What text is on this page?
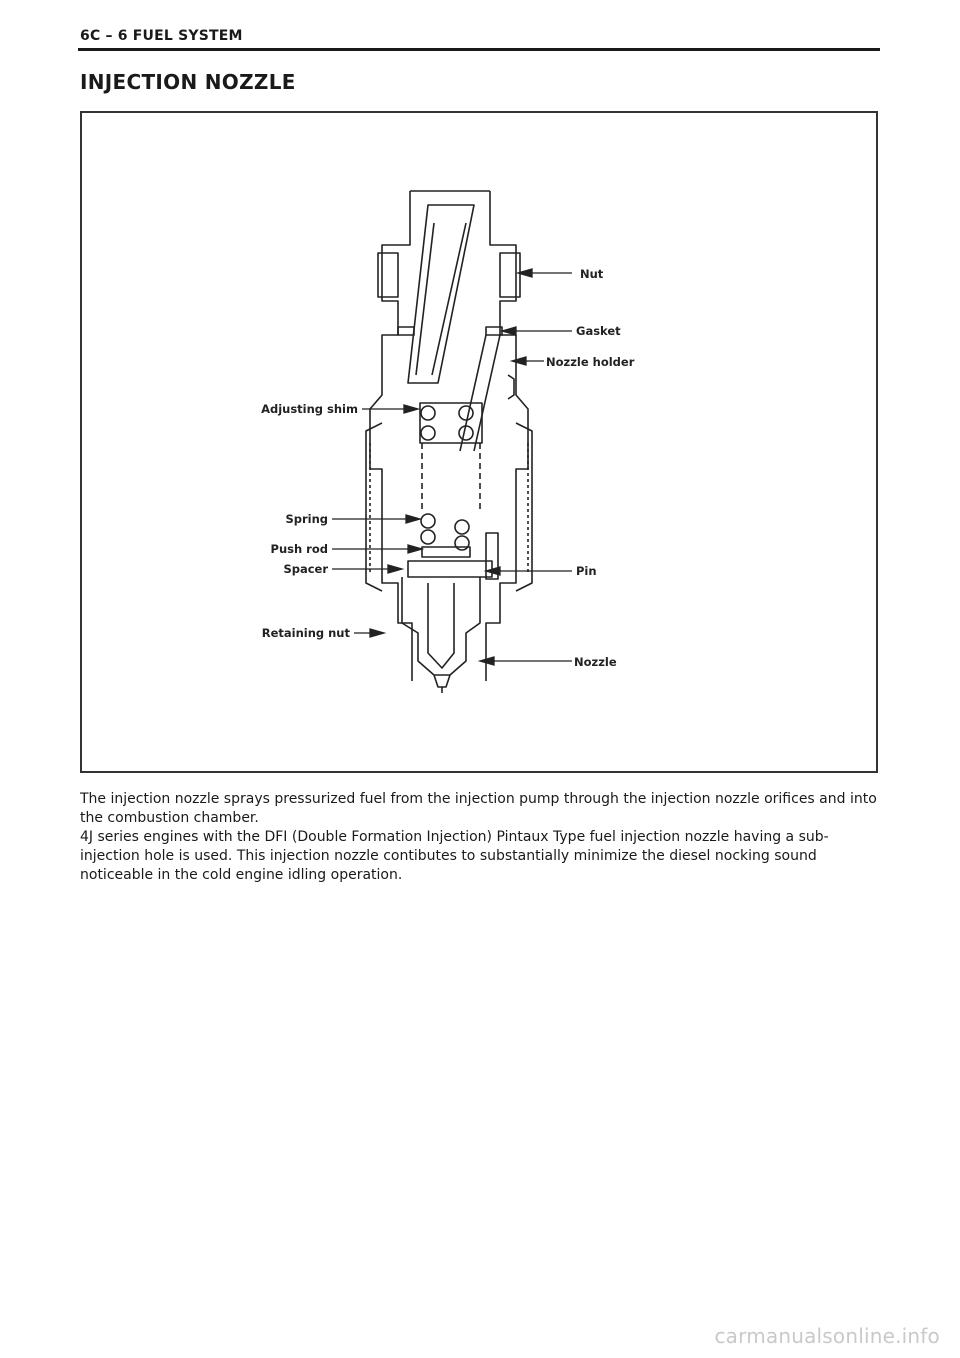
6C – 6 FUEL SYSTEM
INJECTION NOZZLE
Nut
Gasket
Nozzle holder
Adjusting shim
Spring
Push rod
Spacer	Pin
Retaining nut
Nozzle

The injection nozzle sprays pressurized fuel from the injection pump through the injection nozzle orifices and into the combustion chamber.

4J series engines with the DFI (Double Formation Injection) Pintaux Type fuel injection nozzle having a sub-injection hole is used. This injection nozzle contibutes to substantially minimize the diesel nocking sound noticeable in the cold engine idling operation.

carmanualsonline.info
